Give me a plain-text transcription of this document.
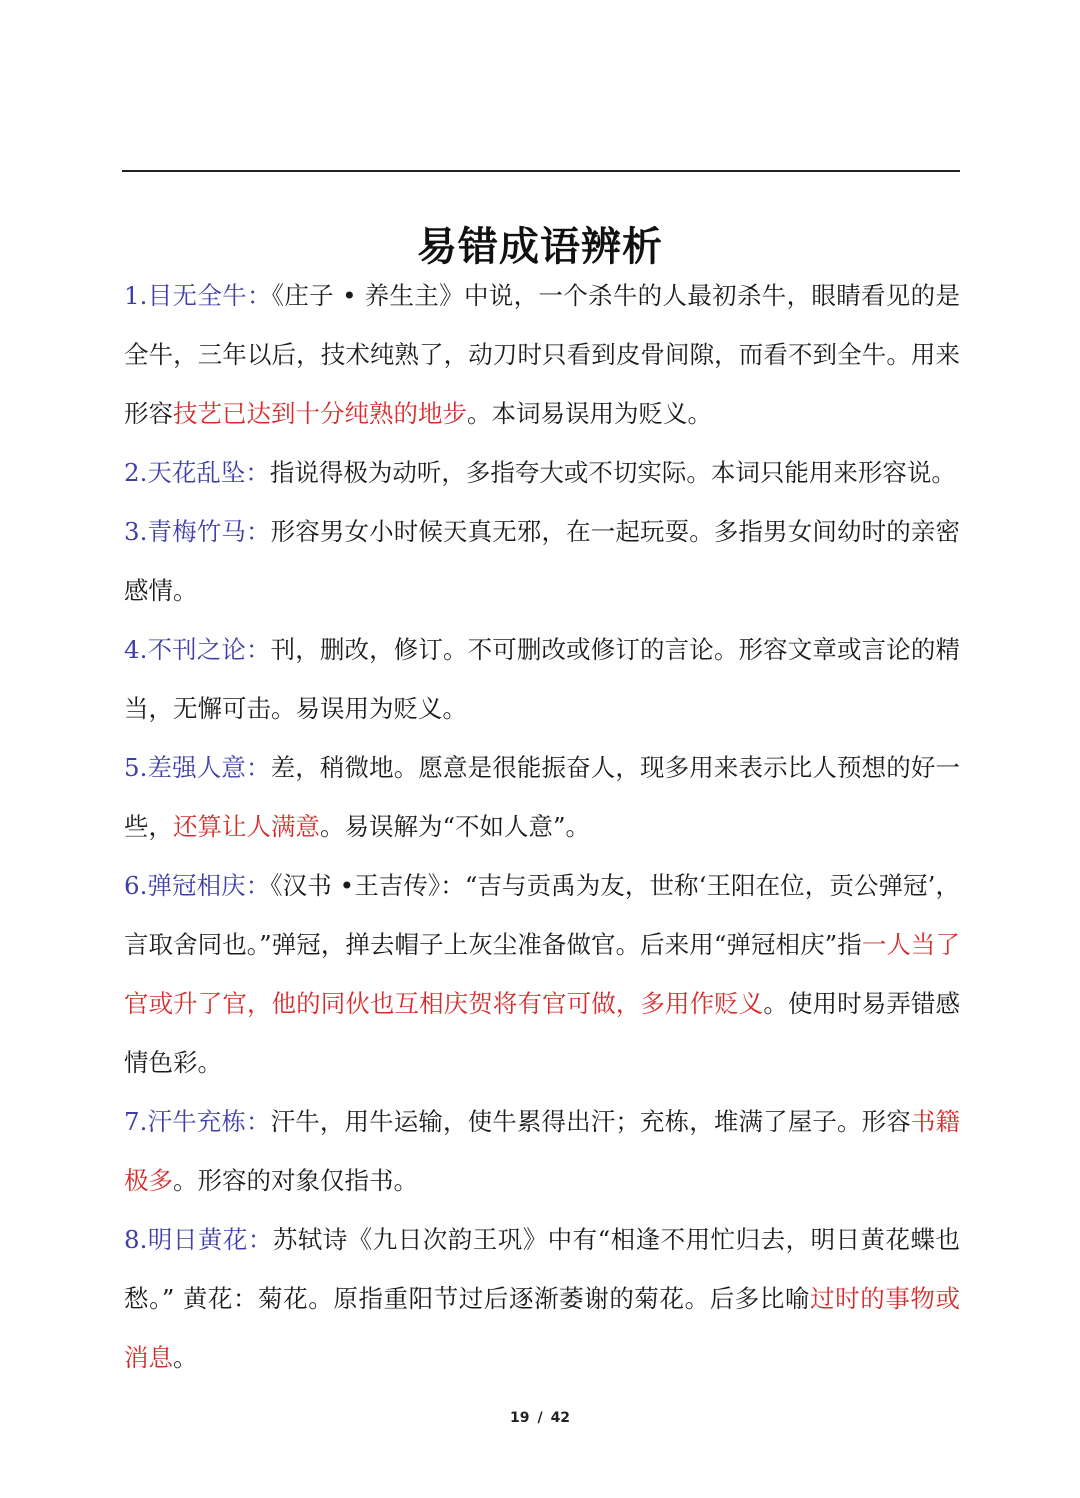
易错成语辨析

1.目无全牛：《庄子 • 养生主》中说，一个杀牛的人最初杀牛，眼睛看见的是全牛，三年以后，技术纯熟了，动刀时只看到皮骨间隙，而看不到全牛。用来形容技艺已达到十分纯熟的地步。本词易误用为贬义。

2.天花乱坠：指说得极为动听，多指夸大或不切实际。本词只能用来形容说。

3.青梅竹马：形容男女小时候天真无邪，在一起玩耍。多指男女间幼时的亲密感情。

4.不刊之论：刊，删改，修订。不可删改或修订的言论。形容文章或言论的精当，无懈可击。易误用为贬义。

5.差强人意：差，稍微地。愿意是很能振奋人，现多用来表示比人预想的好一些，还算让人满意。易误解为“不如人意”。

6.弹冠相庆：《汉书 •王吉传》：“吉与贡禹为友，世称‘王阳在位，贡公弹冠’，言取舍同也。”弹冠，掸去帽子上灰尘准备做官。后来用“弹冠相庆”指一人当了官或升了官，他的同伙也互相庆贺将有官可做，多用作贬义。使用时易弄错感情色彩。

7.汗牛充栋：汗牛，用牛运输，使牛累得出汗；充栋，堆满了屋子。形容书籍极多。形容的对象仅指书。

8.明日黄花：苏轼诗《九日次韵王巩》中有“相逢不用忙归去，明日黄花蝶也愁。” 黄花：菊花。原指重阳节过后逐渐萎谢的菊花。后多比喻过时的事物或消息。

19 / 42
